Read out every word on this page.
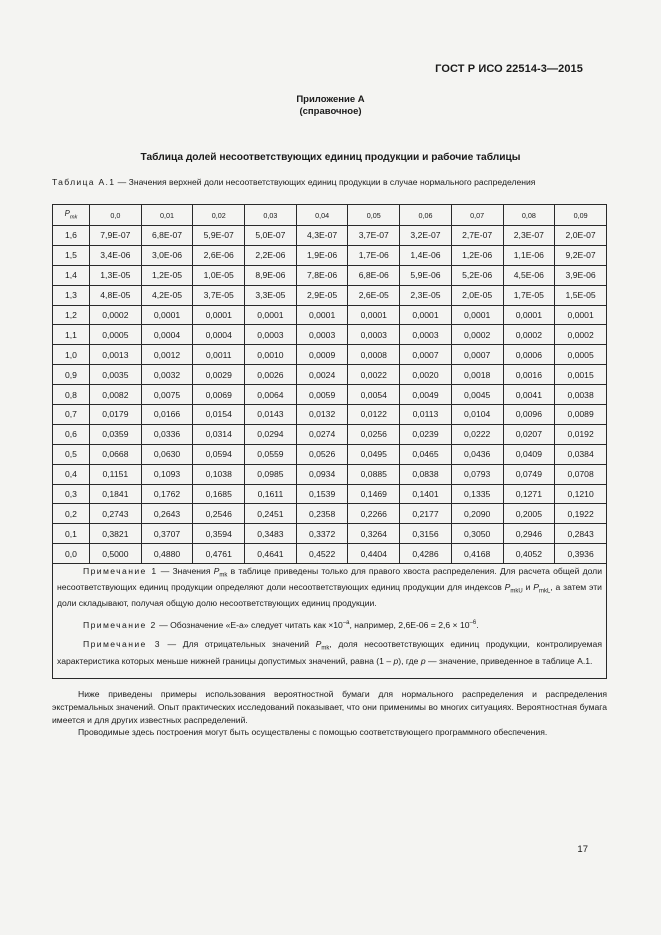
ГОСТ Р ИСО 22514-3—2015
Приложение А
(справочное)
Таблица долей несоответствующих единиц продукции и рабочие таблицы
Таблица А.1 — Значения верхней доли несоответствующих единиц продукции в случае нормального распределения
$P_{mk}$	0,0	0,01	0,02	0,03	0,04	0,05	0,06	0,07	0,08	0,09
1,6	7,9E-07	6,8E-07	5,9E-07	5,0E-07	4,3E-07	3,7E-07	3,2E-07	2,7E-07	2,3E-07	2,0E-07
1,5	3,4E-06	3,0E-06	2,6E-06	2,2E-06	1,9E-06	1,7E-06	1,4E-06	1,2E-06	1,1E-06	9,2E-07
1,4	1,3E-05	1,2E-05	1,0E-05	8,9E-06	7,8E-06	6,8E-06	5,9E-06	5,2E-06	4,5E-06	3,9E-06
1,3	4,8E-05	4,2E-05	3,7E-05	3,3E-05	2,9E-05	2,6E-05	2,3E-05	2,0E-05	1,7E-05	1,5E-05
1,2	0,0002	0,0001	0,0001	0,0001	0,0001	0,0001	0,0001	0,0001	0,0001	0,0001
1,1	0,0005	0,0004	0,0004	0,0003	0,0003	0,0003	0,0003	0,0002	0,0002	0,0002
1,0	0,0013	0,0012	0,0011	0,0010	0,0009	0,0008	0,0007	0,0007	0,0006	0,0005
0,9	0,0035	0,0032	0,0029	0,0026	0,0024	0,0022	0,0020	0,0018	0,0016	0,0015
0,8	0,0082	0,0075	0,0069	0,0064	0,0059	0,0054	0,0049	0,0045	0,0041	0,0038
0,7	0,0179	0,0166	0,0154	0,0143	0,0132	0,0122	0,0113	0,0104	0,0096	0,0089
0,6	0,0359	0,0336	0,0314	0,0294	0,0274	0,0256	0,0239	0,0222	0,0207	0,0192
0,5	0,0668	0,0630	0,0594	0,0559	0,0526	0,0495	0,0465	0,0436	0,0409	0,0384
0,4	0,1151	0,1093	0,1038	0,0985	0,0934	0,0885	0,0838	0,0793	0,0749	0,0708
0,3	0,1841	0,1762	0,1685	0,1611	0,1539	0,1469	0,1401	0,1335	0,1271	0,1210
0,2	0,2743	0,2643	0,2546	0,2451	0,2358	0,2266	0,2177	0,2090	0,2005	0,1922
0,1	0,3821	0,3707	0,3594	0,3483	0,3372	0,3264	0,3156	0,3050	0,2946	0,2843
0,0	0,5000	0,4880	0,4761	0,4641	0,4522	0,4404	0,4286	0,4168	0,4052	0,3936

Примечание 1 — Значения $P_{mk}$ в таблице приведены только для правого хвоста распределения. Для расчета общей доли несоответствующих единиц продукции определяют доли несоответствующих единиц продукции для индексов $P_{mkU}$ и $P_{mkL}$, а затем эти доли складывают, получая общую долю несоответствующих единиц продукции.

Примечание 2 — Обозначение «Е-а» следует читать как $\times 10^{-а}$, например, $2,6Е-06 = 2,6 \times 10^{-6}$.

Примечание 3 — Для отрицательных значений $P_{mk}$, доля несоответствующих единиц продукции, контролируемая характеристика которых меньше нижней границы допустимых значений, равна (1 – p), где p — значение, приведенное в таблице А.1.

Ниже приведены примеры использования вероятностной бумаги для нормального распределения и распределения экстремальных значений. Опыт практических исследований показывает, что они применимы во многих ситуациях. Вероятностная бумага имеется и для других известных распределений.

Проводимые здесь построения могут быть осуществлены с помощью соответствующего программного обеспечения.

17
